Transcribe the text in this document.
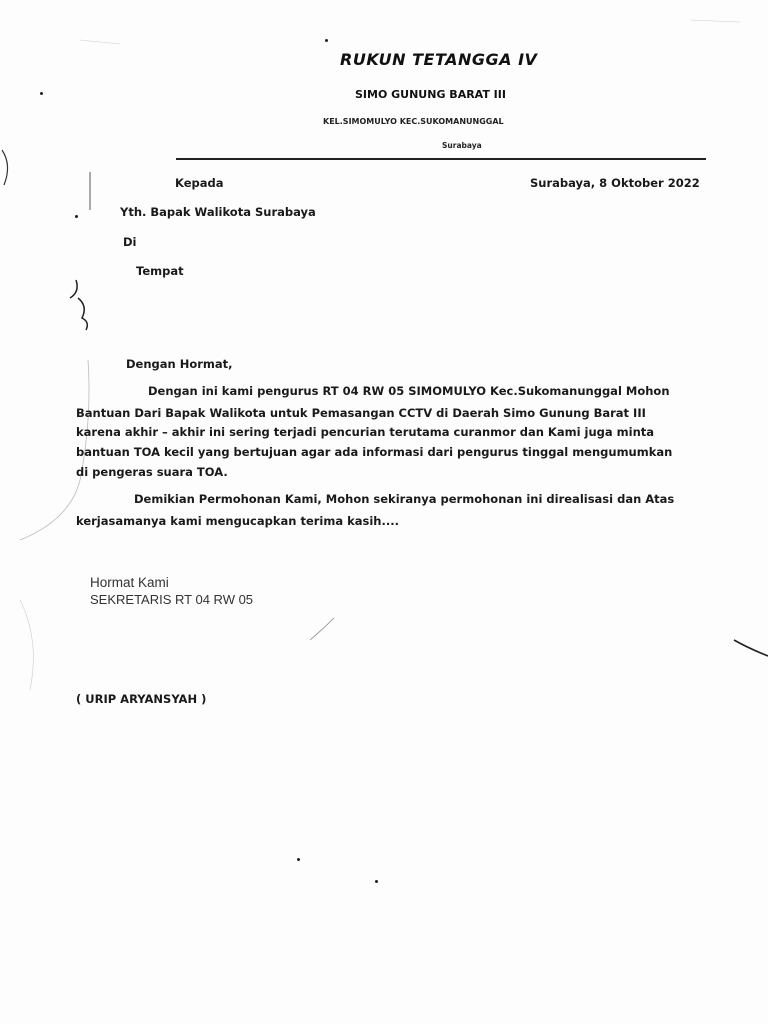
RUKUN TETANGGA IV
SIMO GUNUNG BARAT III
KEL.SIMOMULYO KEC.SUKOMANUNGGAL
Surabaya
Kepada	Surabaya, 8 Oktober 2022
Yth. Bapak Walikota Surabaya
Di
Tempat
Dengan Hormat,
Dengan ini kami pengurus RT 04 RW 05 SIMOMULYO Kec.Sukomanunggal Mohon
Bantuan Dari Bapak Walikota untuk Pemasangan CCTV di Daerah Simo Gunung Barat III
karena akhir – akhir ini sering terjadi pencurian terutama curanmor dan Kami juga minta
bantuan TOA kecil yang bertujuan agar ada informasi dari pengurus tinggal mengumumkan
di pengeras suara TOA.
Demikian Permohonan Kami, Mohon sekiranya permohonan ini direalisasi dan Atas
kerjasamanya kami mengucapkan terima kasih....
Hormat Kami
SEKRETARIS RT 04 RW 05
( URIP ARYANSYAH )
